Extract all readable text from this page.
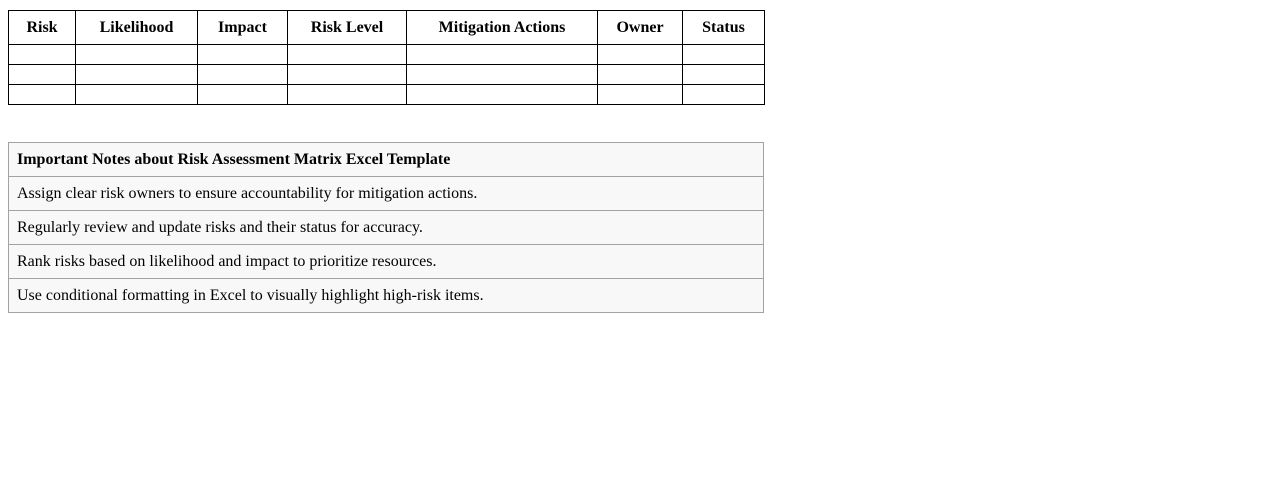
Risk	Likelihood	Impact	Risk Level	Mitigation Actions	Owner	Status

Important Notes about Risk Assessment Matrix Excel Template
Assign clear risk owners to ensure accountability for mitigation actions.
Regularly review and update risks and their status for accuracy.
Rank risks based on likelihood and impact to prioritize resources.
Use conditional formatting in Excel to visually highlight high-risk items.
